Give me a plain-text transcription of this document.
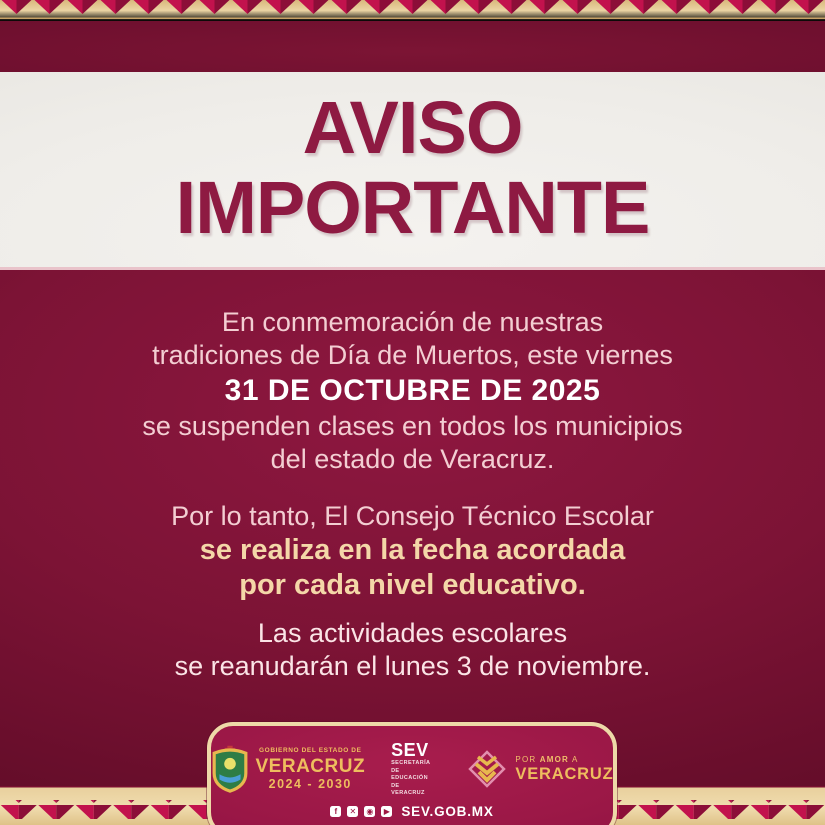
AVISO
IMPORTANTE

En conmemoración de nuestras
tradiciones de Día de Muertos, este viernes
31 DE OCTUBRE DE 2025
se suspenden clases en todos los municipios
del estado de Veracruz.

Por lo tanto, El Consejo Técnico Escolar
se realiza en la fecha acordada
por cada nivel educativo.

Las actividades escolares
se reanudarán el lunes 3 de noviembre.

GOBIERNO DEL ESTADO DE
VERACRUZ
2024 - 2030
SEV
SECRETARÍA
DE EDUCACIÓN
DE VERACRUZ
POR AMOR A
VERACRUZ
f ✕ ◉ ▶ SEV.GOB.MX
